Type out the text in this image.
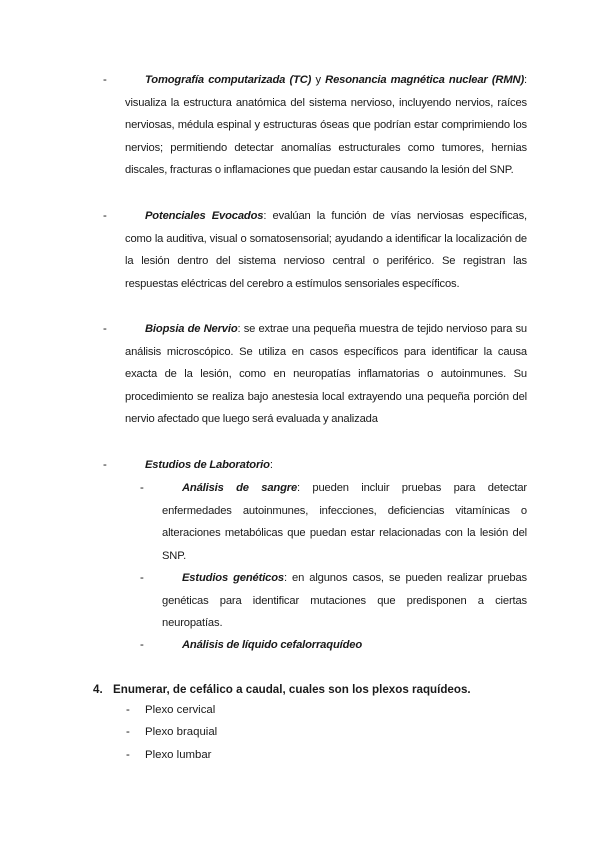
-	Tomografía computarizada (TC) y Resonancia magnética nuclear (RMN): visualiza la estructura anatómica del sistema nervioso, incluyendo nervios, raíces nerviosas, médula espinal y estructuras óseas que podrían estar comprimiendo los nervios; permitiendo detectar anomalías estructurales como tumores, hernias discales, fracturas o inflamaciones que puedan estar causando la lesión del SNP.

-	Potenciales Evocados: evalúan la función de vías nerviosas específicas, como la auditiva, visual o somatosensorial; ayudando a identificar la localización de la lesión dentro del sistema nervioso central o periférico. Se registran las respuestas eléctricas del cerebro a estímulos sensoriales específicos.

-	Biopsia de Nervio: se extrae una pequeña muestra de tejido nervioso para su análisis microscópico. Se utiliza en casos específicos para identificar la causa exacta de la lesión, como en neuropatías inflamatorias o autoinmunes. Su procedimiento se realiza bajo anestesia local extrayendo una pequeña porción del nervio afectado que luego será evaluada y analizada

-	Estudios de Laboratorio:

-	Análisis de sangre: pueden incluir pruebas para detectar enfermedades autoinmunes, infecciones, deficiencias vitamínicas o alteraciones metabólicas que puedan estar relacionadas con la lesión del SNP.

-	Estudios genéticos: en algunos casos, se pueden realizar pruebas genéticas para identificar mutaciones que predisponen a ciertas neuropatías.

-	Análisis de líquido cefalorraquídeo

4. Enumerar, de cefálico a caudal, cuales son los plexos raquídeos.
- Plexo cervical
- Plexo braquial
- Plexo lumbar
